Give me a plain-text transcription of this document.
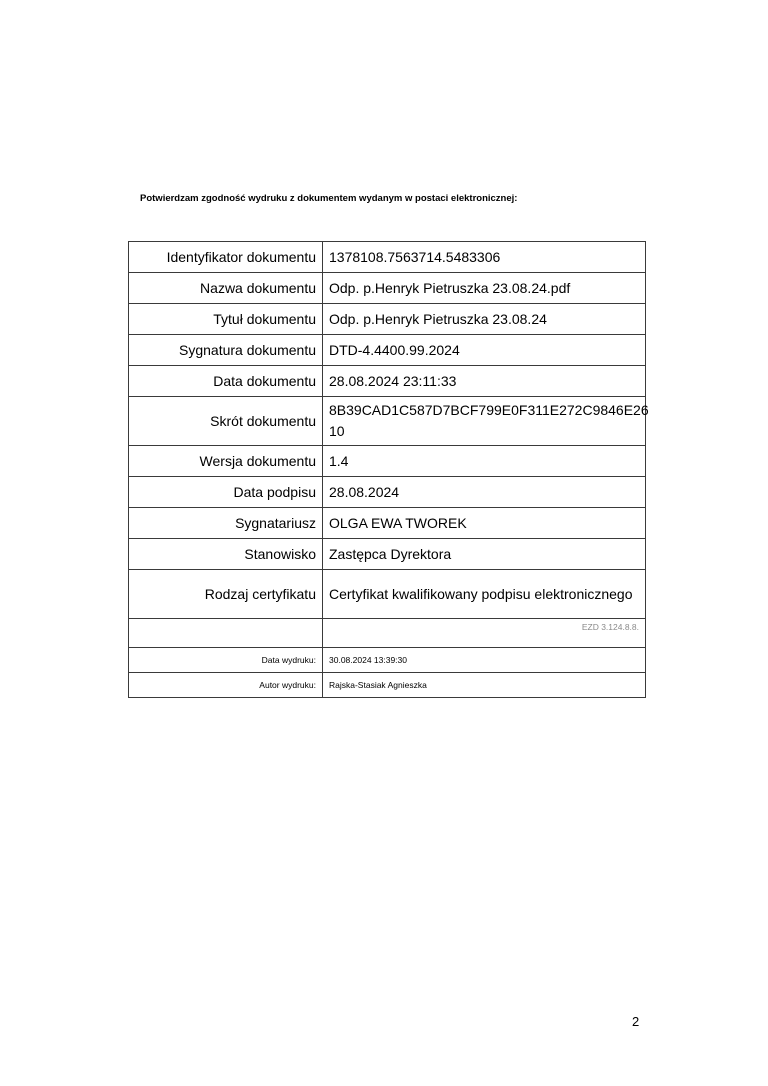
Potwierdzam zgodność wydruku z dokumentem wydanym w postaci elektronicznej:
Identyfikator dokumentu	1378108.7563714.5483306
Nazwa dokumentu	Odp. p.Henryk Pietruszka 23.08.24.pdf
Tytuł dokumentu	Odp. p.Henryk Pietruszka 23.08.24
Sygnatura dokumentu	DTD-4.4400.99.2024
Data dokumentu	28.08.2024 23:11:33
Skrót dokumentu	8B39CAD1C587D7BCF799E0F311E272C9846E26 10
Wersja dokumentu	1.4
Data podpisu	28.08.2024
Sygnatariusz	OLGA EWA TWOREK
Stanowisko	Zastępca Dyrektora
Rodzaj certyfikatu	Certyfikat kwalifikowany podpisu elektronicznego
	EZD 3.124.8.8.
Data wydruku:	30.08.2024 13:39:30
Autor wydruku:	Rajska-Stasiak Agnieszka
2
